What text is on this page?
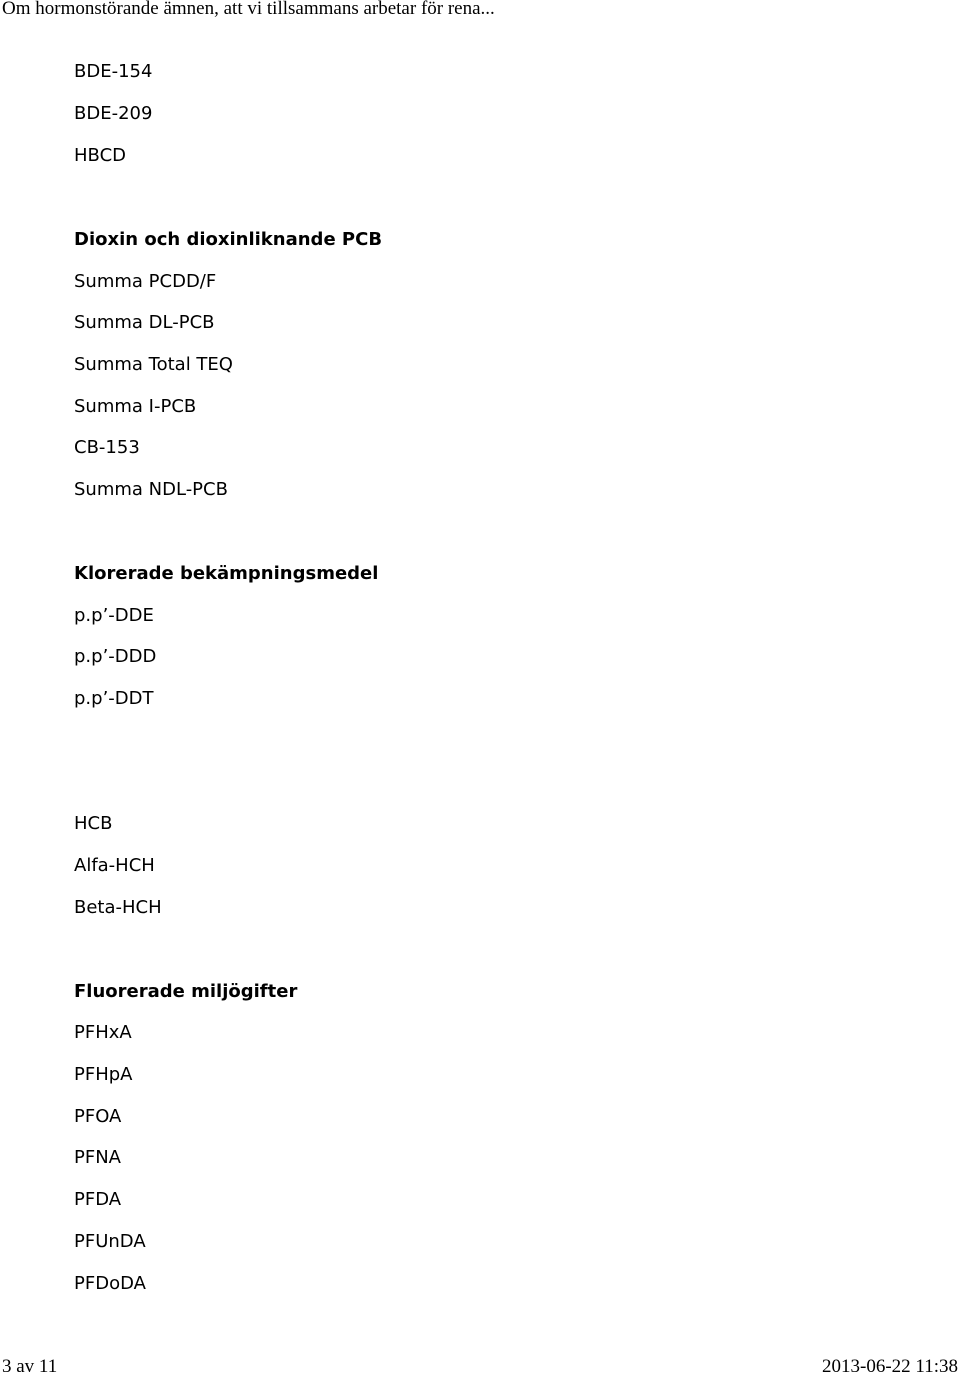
Om hormonstörande ämnen, att vi tillsammans arbetar för rena...
BDE-154
BDE-209
HBCD
Dioxin och dioxinliknande PCB
Summa PCDD/F
Summa DL-PCB
Summa Total TEQ
Summa I-PCB
CB-153
Summa NDL-PCB
Klorerade bekämpningsmedel
p.p’-DDE
p.p’-DDD
p.p’-DDT
HCB
Alfa-HCH
Beta-HCH
Fluorerade miljögifter
PFHxA
PFHpA
PFOA
PFNA
PFDA
PFUnDA
PFDoDA
3 av 11	2013-06-22 11:38
